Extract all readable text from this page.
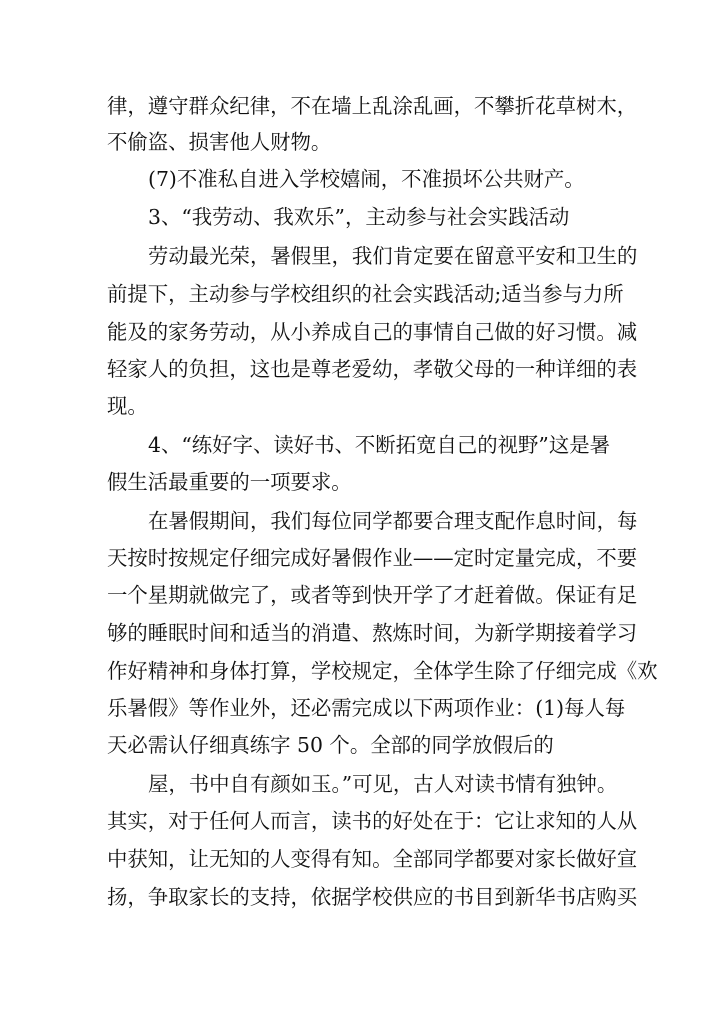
律，遵守群众纪律，不在墙上乱涂乱画，不攀折花草树木，
不偷盗、损害他人财物。
(7)不准私自进入学校嬉闹，不准损坏公共财产。
3、“我劳动、我欢乐”，主动参与社会实践活动
劳动最光荣，暑假里，我们肯定要在留意平安和卫生的
前提下，主动参与学校组织的社会实践活动;适当参与力所
能及的家务劳动，从小养成自己的事情自己做的好习惯。减
轻家人的负担，这也是尊老爱幼，孝敬父母的一种详细的表
现。
4、“练好字、读好书、不断拓宽自己的视野”这是暑
假生活最重要的一项要求。
在暑假期间，我们每位同学都要合理支配作息时间，每
天按时按规定仔细完成好暑假作业——定时定量完成，不要
一个星期就做完了，或者等到快开学了才赶着做。保证有足
够的睡眠时间和适当的消遣、熬炼时间，为新学期接着学习
作好精神和身体打算，学校规定，全体学生除了仔细完成《欢
乐暑假》等作业外，还必需完成以下两项作业：(1)每人每
天必需认仔细真练字 50 个。全部的同学放假后的
屋，书中自有颜如玉。”可见，古人对读书情有独钟。
其实，对于任何人而言，读书的好处在于：它让求知的人从
中获知，让无知的人变得有知。全部同学都要对家长做好宣
扬，争取家长的支持，依据学校供应的书目到新华书店购买
